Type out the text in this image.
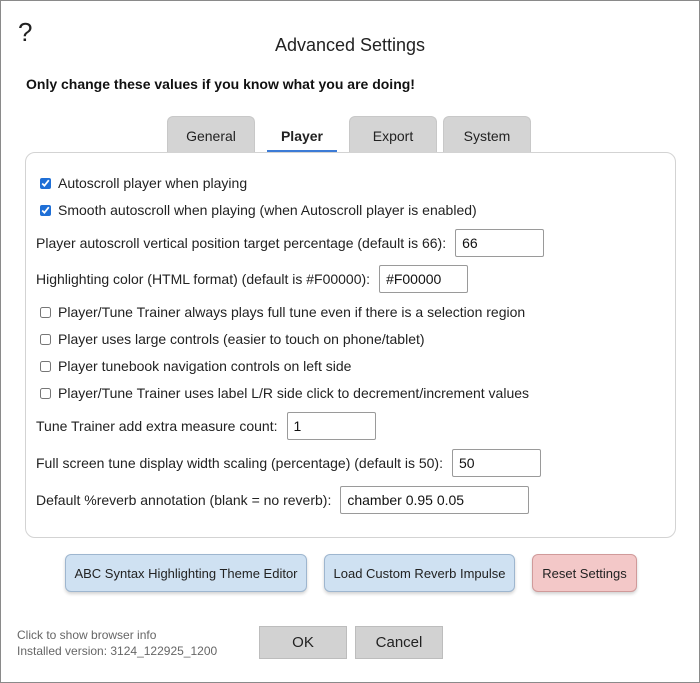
?	Advanced Settings
Only change these values if you know what you are doing!
General	Player	Export	System
Autoscroll player when playing
Smooth autoscroll when playing (when Autoscroll player is enabled)
Player autoscroll vertical position target percentage (default is 66):
66
Highlighting color (HTML format) (default is #F00000):
#F00000
Player/Tune Trainer always plays full tune even if there is a selection region
Player uses large controls (easier to touch on phone/tablet)
Player tunebook navigation controls on left side
Player/Tune Trainer uses label L/R side click to decrement/increment values
Tune Trainer add extra measure count:
1
Full screen tune display width scaling (percentage) (default is 50):
50
Default %reverb annotation (blank = no reverb):
chamber 0.95 0.05
ABC Syntax Highlighting Theme Editor	Load Custom Reverb Impulse	Reset Settings
Click to show browser info
Installed version: 3124_122925_1200	OK	Cancel
